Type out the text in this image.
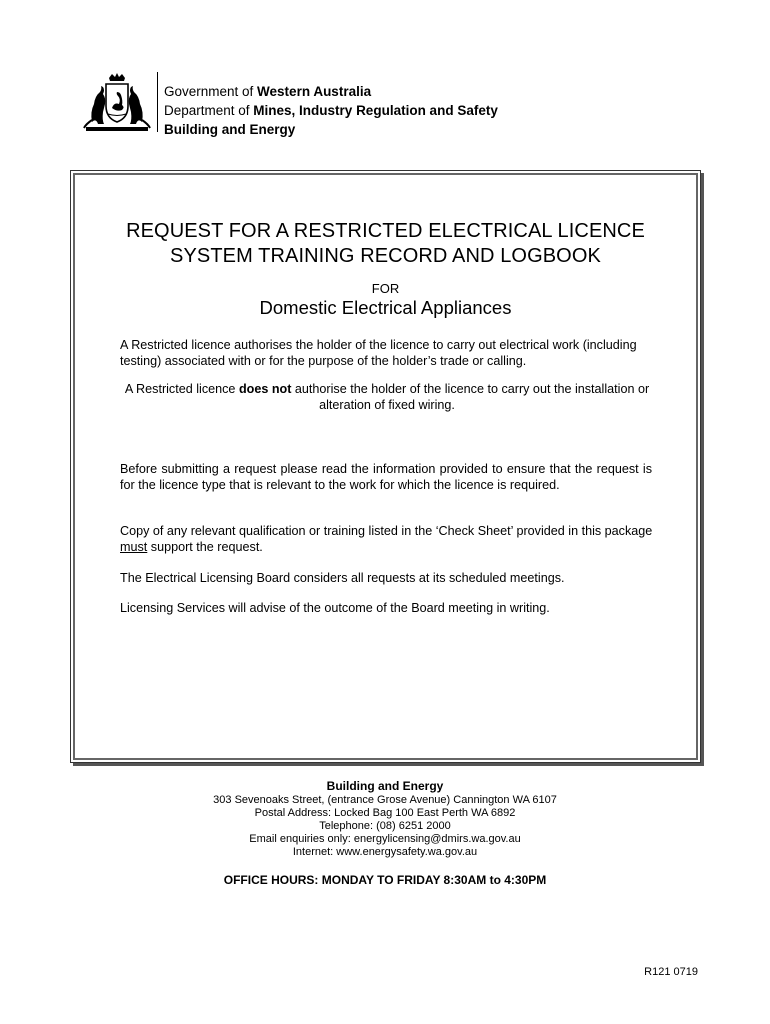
Government of Western Australia
Department of Mines, Industry Regulation and Safety
Building and Energy
REQUEST FOR A RESTRICTED ELECTRICAL LICENCE
SYSTEM TRAINING RECORD AND LOGBOOK
FOR
Domestic Electrical Appliances
A Restricted licence authorises the holder of the licence to carry out electrical work (including testing) associated with or for the purpose of the holder’s trade or calling.
A Restricted licence does not authorise the holder of the licence to carry out the installation or alteration of fixed wiring.
Before submitting a request please read the information provided to ensure that the request is for the licence type that is relevant to the work for which the licence is required.
Copy of any relevant qualification or training listed in the ‘Check Sheet’ provided in this package must support the request.
The Electrical Licensing Board considers all requests at its scheduled meetings.
Licensing Services will advise of the outcome of the Board meeting in writing.
Building and Energy
303 Sevenoaks Street, (entrance Grose Avenue) Cannington WA 6107
Postal Address: Locked Bag 100 East Perth WA 6892
Telephone: (08) 6251 2000
Email enquiries only: energylicensing@dmirs.wa.gov.au
Internet: www.energysafety.wa.gov.au
OFFICE HOURS: MONDAY TO FRIDAY 8:30AM to 4:30PM
R121 0719
